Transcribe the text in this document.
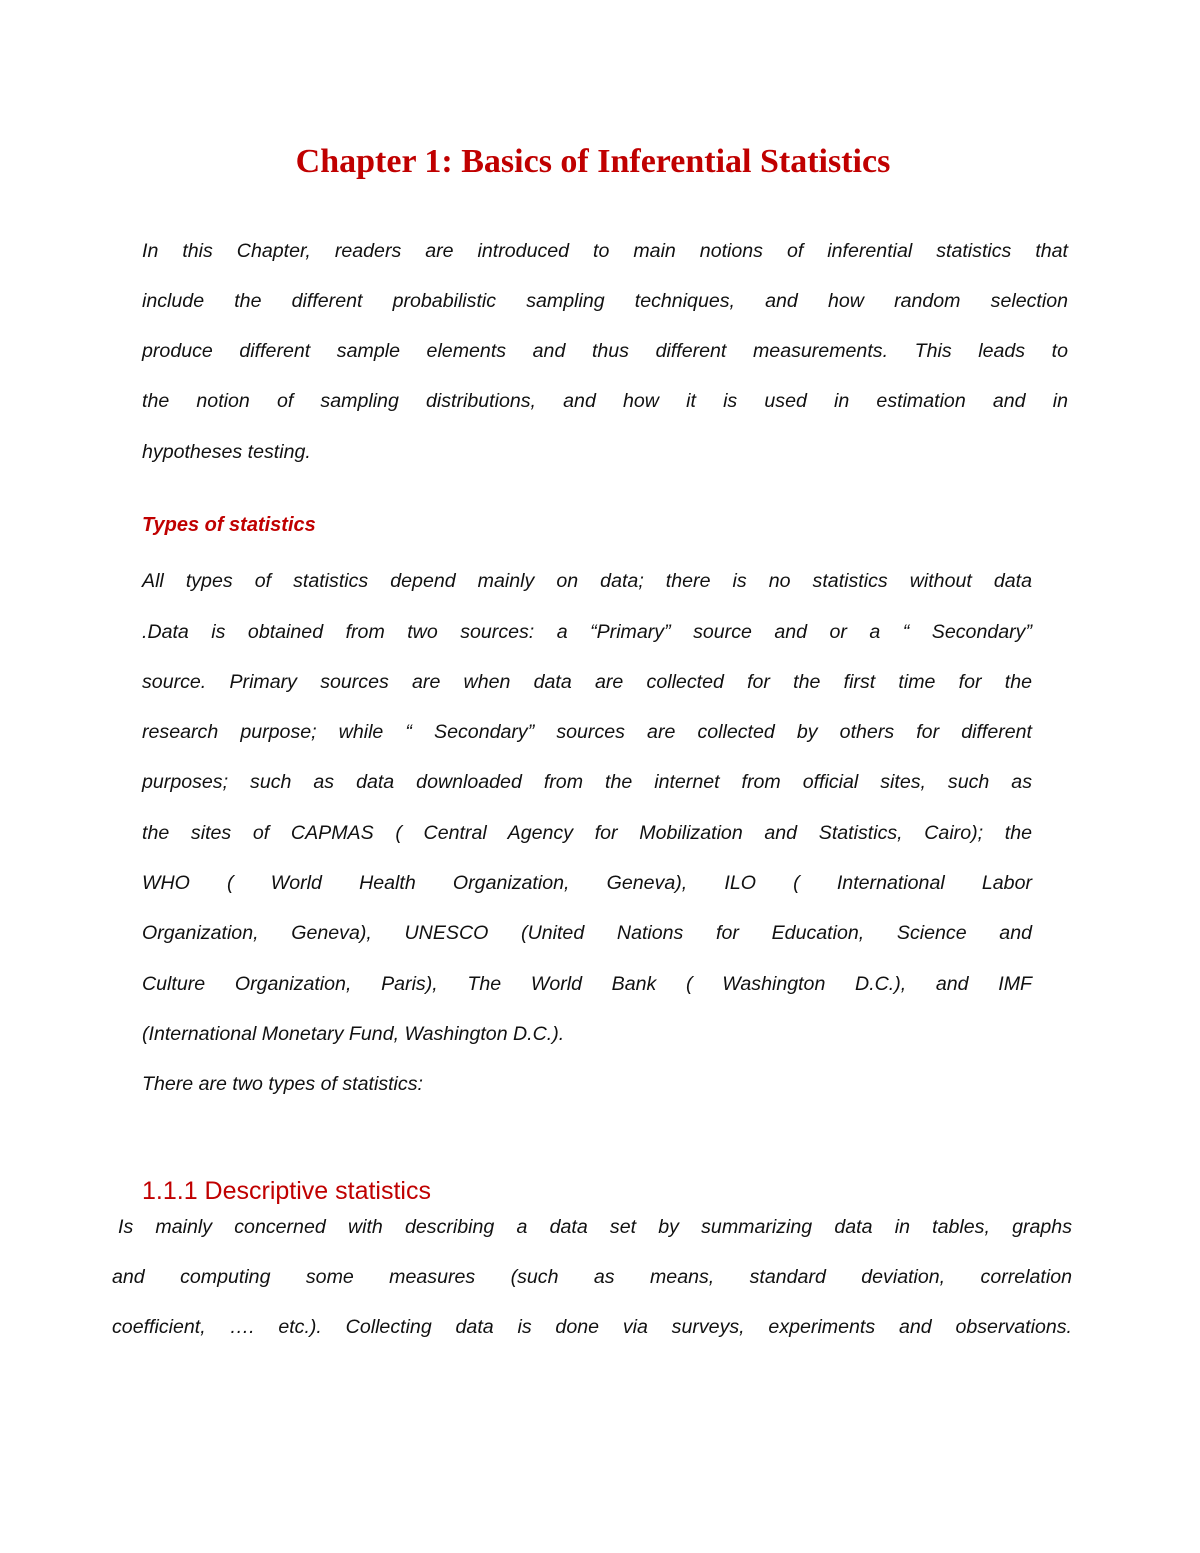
Chapter 1: Basics of Inferential Statistics
In this Chapter, readers are introduced to main notions of inferential statistics that
include the different probabilistic sampling techniques, and how random selection
produce different sample elements and thus different measurements. This leads to
the notion of sampling distributions, and how it is used in estimation and in
hypotheses testing.
Types of statistics
All types of statistics depend mainly on data; there is no statistics without data
.Data is obtained from two sources: a “Primary” source and or a “ Secondary”
source. Primary sources are when data are collected for the first time for the
research purpose; while “ Secondary” sources are collected by others for different
purposes; such as data downloaded from the internet from official sites, such as
the sites of CAPMAS ( Central Agency for Mobilization and Statistics, Cairo); the
WHO ( World Health Organization, Geneva), ILO ( International Labor
Organization, Geneva), UNESCO (United Nations for Education, Science and
Culture Organization, Paris), The World Bank ( Washington D.C.), and IMF
(International Monetary Fund, Washington D.C.).
There are two types of statistics:
1.1.1 Descriptive statistics
Is mainly concerned with describing a data set by summarizing data in tables, graphs
and computing some measures (such as means, standard deviation, correlation
coefficient, …. etc.). Collecting data is done via surveys, experiments and observations.
